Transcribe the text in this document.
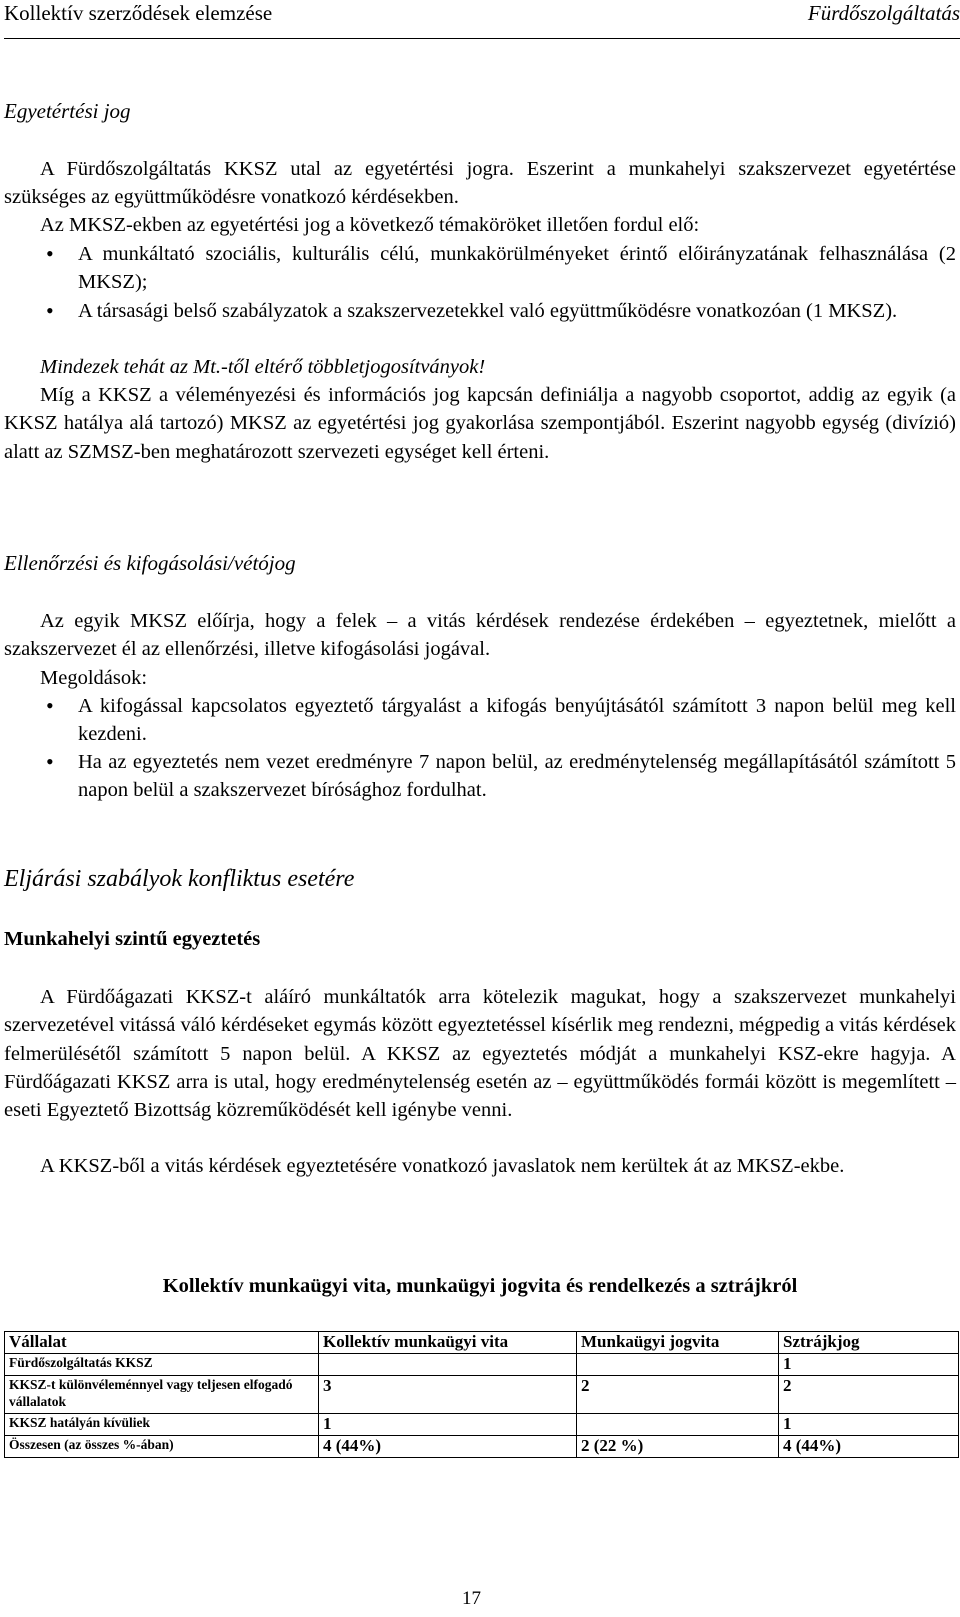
Kollektív szerződések elemzése	Fürdőszolgáltatás
Egyetértési jog
A Fürdőszolgáltatás KKSZ utal az egyetértési jogra. Eszerint a munkahelyi szakszervezet egyetértése szükséges az együttműködésre vonatkozó kérdésekben.
Az MKSZ-ekben az egyetértési jog a következő témaköröket illetően fordul elő:
• A munkáltató szociális, kulturális célú, munkakörülményeket érintő előirányzatának felhasználása (2 MKSZ);
• A társasági belső szabályzatok a szakszervezetekkel való együttműködésre vonatkozóan (1 MKSZ).
Mindezek tehát az Mt.-től eltérő többletjogosítványok!
Míg a KKSZ a véleményezési és információs jog kapcsán definiálja a nagyobb csoportot, addig az egyik (a KKSZ hatálya alá tartozó) MKSZ az egyetértési jog gyakorlása szempontjából. Eszerint nagyobb egység (divízió) alatt az SZMSZ-ben meghatározott szervezeti egységet kell érteni.
Ellenőrzési és kifogásolási/vétójog
Az egyik MKSZ előírja, hogy a felek – a vitás kérdések rendezése érdekében – egyeztetnek, mielőtt a szakszervezet él az ellenőrzési, illetve kifogásolási jogával.
Megoldások:
• A kifogással kapcsolatos egyeztető tárgyalást a kifogás benyújtásától számított 3 napon belül meg kell kezdeni.
• Ha az egyeztetés nem vezet eredményre 7 napon belül, az eredménytelenség megállapításától számított 5 napon belül a szakszervezet bírósághoz fordulhat.
Eljárási szabályok konfliktus esetére
Munkahelyi szintű egyeztetés
A Fürdőágazati KKSZ-t aláíró munkáltatók arra kötelezik magukat, hogy a szakszervezet munkahelyi szervezetével vitássá váló kérdéseket egymás között egyeztetéssel kísérlik meg rendezni, mégpedig a vitás kérdések felmerülésétől számított 5 napon belül. A KKSZ az egyeztetés módját a munkahelyi KSZ-ekre hagyja. A Fürdőágazati KKSZ arra is utal, hogy eredménytelenség esetén az – együttműködés formái között is megemlített – eseti Egyeztető Bizottság közreműködését kell igénybe venni.
A KKSZ-ből a vitás kérdések egyeztetésére vonatkozó javaslatok nem kerültek át az MKSZ-ekbe.
Kollektív munkaügyi vita, munkaügyi jogvita és rendelkezés a sztrájkról
Vállalat	Kollektív munkaügyi vita	Munkaügyi jogvita	Sztrájkjog
Fürdőszolgáltatás KKSZ			1
KKSZ-t különvéleménnyel vagy teljesen elfogadó vállalatok	3	2	2
KKSZ hatályán kívüliek	1		1
Összesen (az összes %-ában)	4 (44%)	2 (22 %)	4 (44%)
17
